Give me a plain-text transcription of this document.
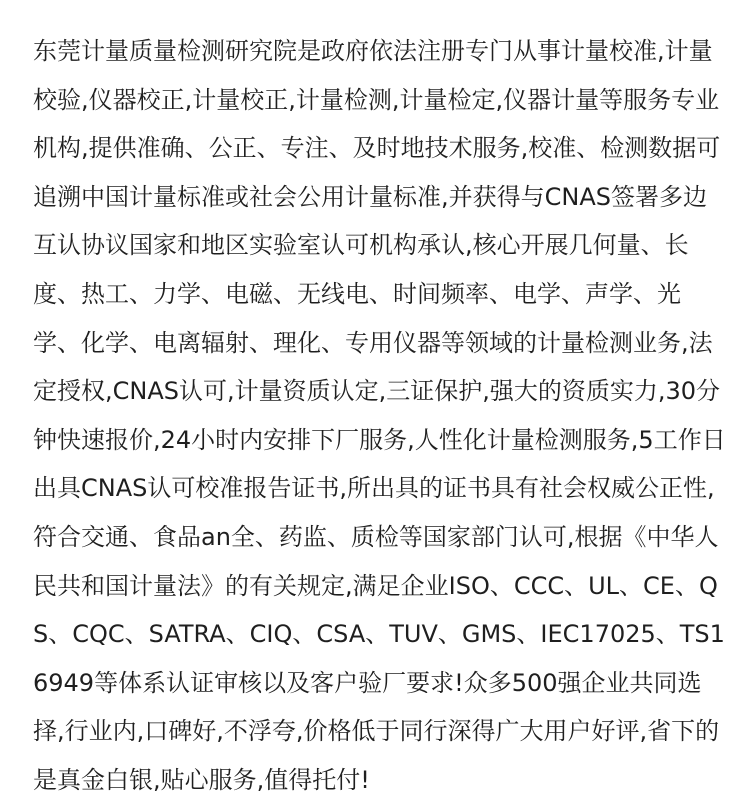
东莞计量质量检测研究院是政府依法注册专门从事计量校准,计量
校验,仪器校正,计量校正,计量检测,计量检定,仪器计量等服务专业
机构,提供准确、公正、专注、及时地技术服务,校准、检测数据可
追溯中国计量标准或社会公用计量标准,并获得与CNAS签署多边
互认协议国家和地区实验室认可机构承认,核心开展几何量、长
度、热工、力学、电磁、无线电、时间频率、电学、声学、光
学、化学、电离辐射、理化、专用仪器等领域的计量检测业务,法
定授权,CNAS认可,计量资质认定,三证保护,强大的资质实力,30分
钟快速报价,24小时内安排下厂服务,人性化计量检测服务,5工作日
出具CNAS认可校准报告证书,所出具的证书具有社会权威公正性,
符合交通、食品an全、药监、质检等国家部门认可,根据《中华人
民共和国计量法》的有关规定,满足企业ISO、CCC、UL、CE、Q
S、CQC、SATRA、CIQ、CSA、TUV、GMS、IEC17025、TS1
6949等体系认证审核以及客户验厂要求!众多500强企业共同选
择,行业内,口碑好,不浮夸,价格低于同行深得广大用户好评,省下的
是真金白银,贴心服务,值得托付!
